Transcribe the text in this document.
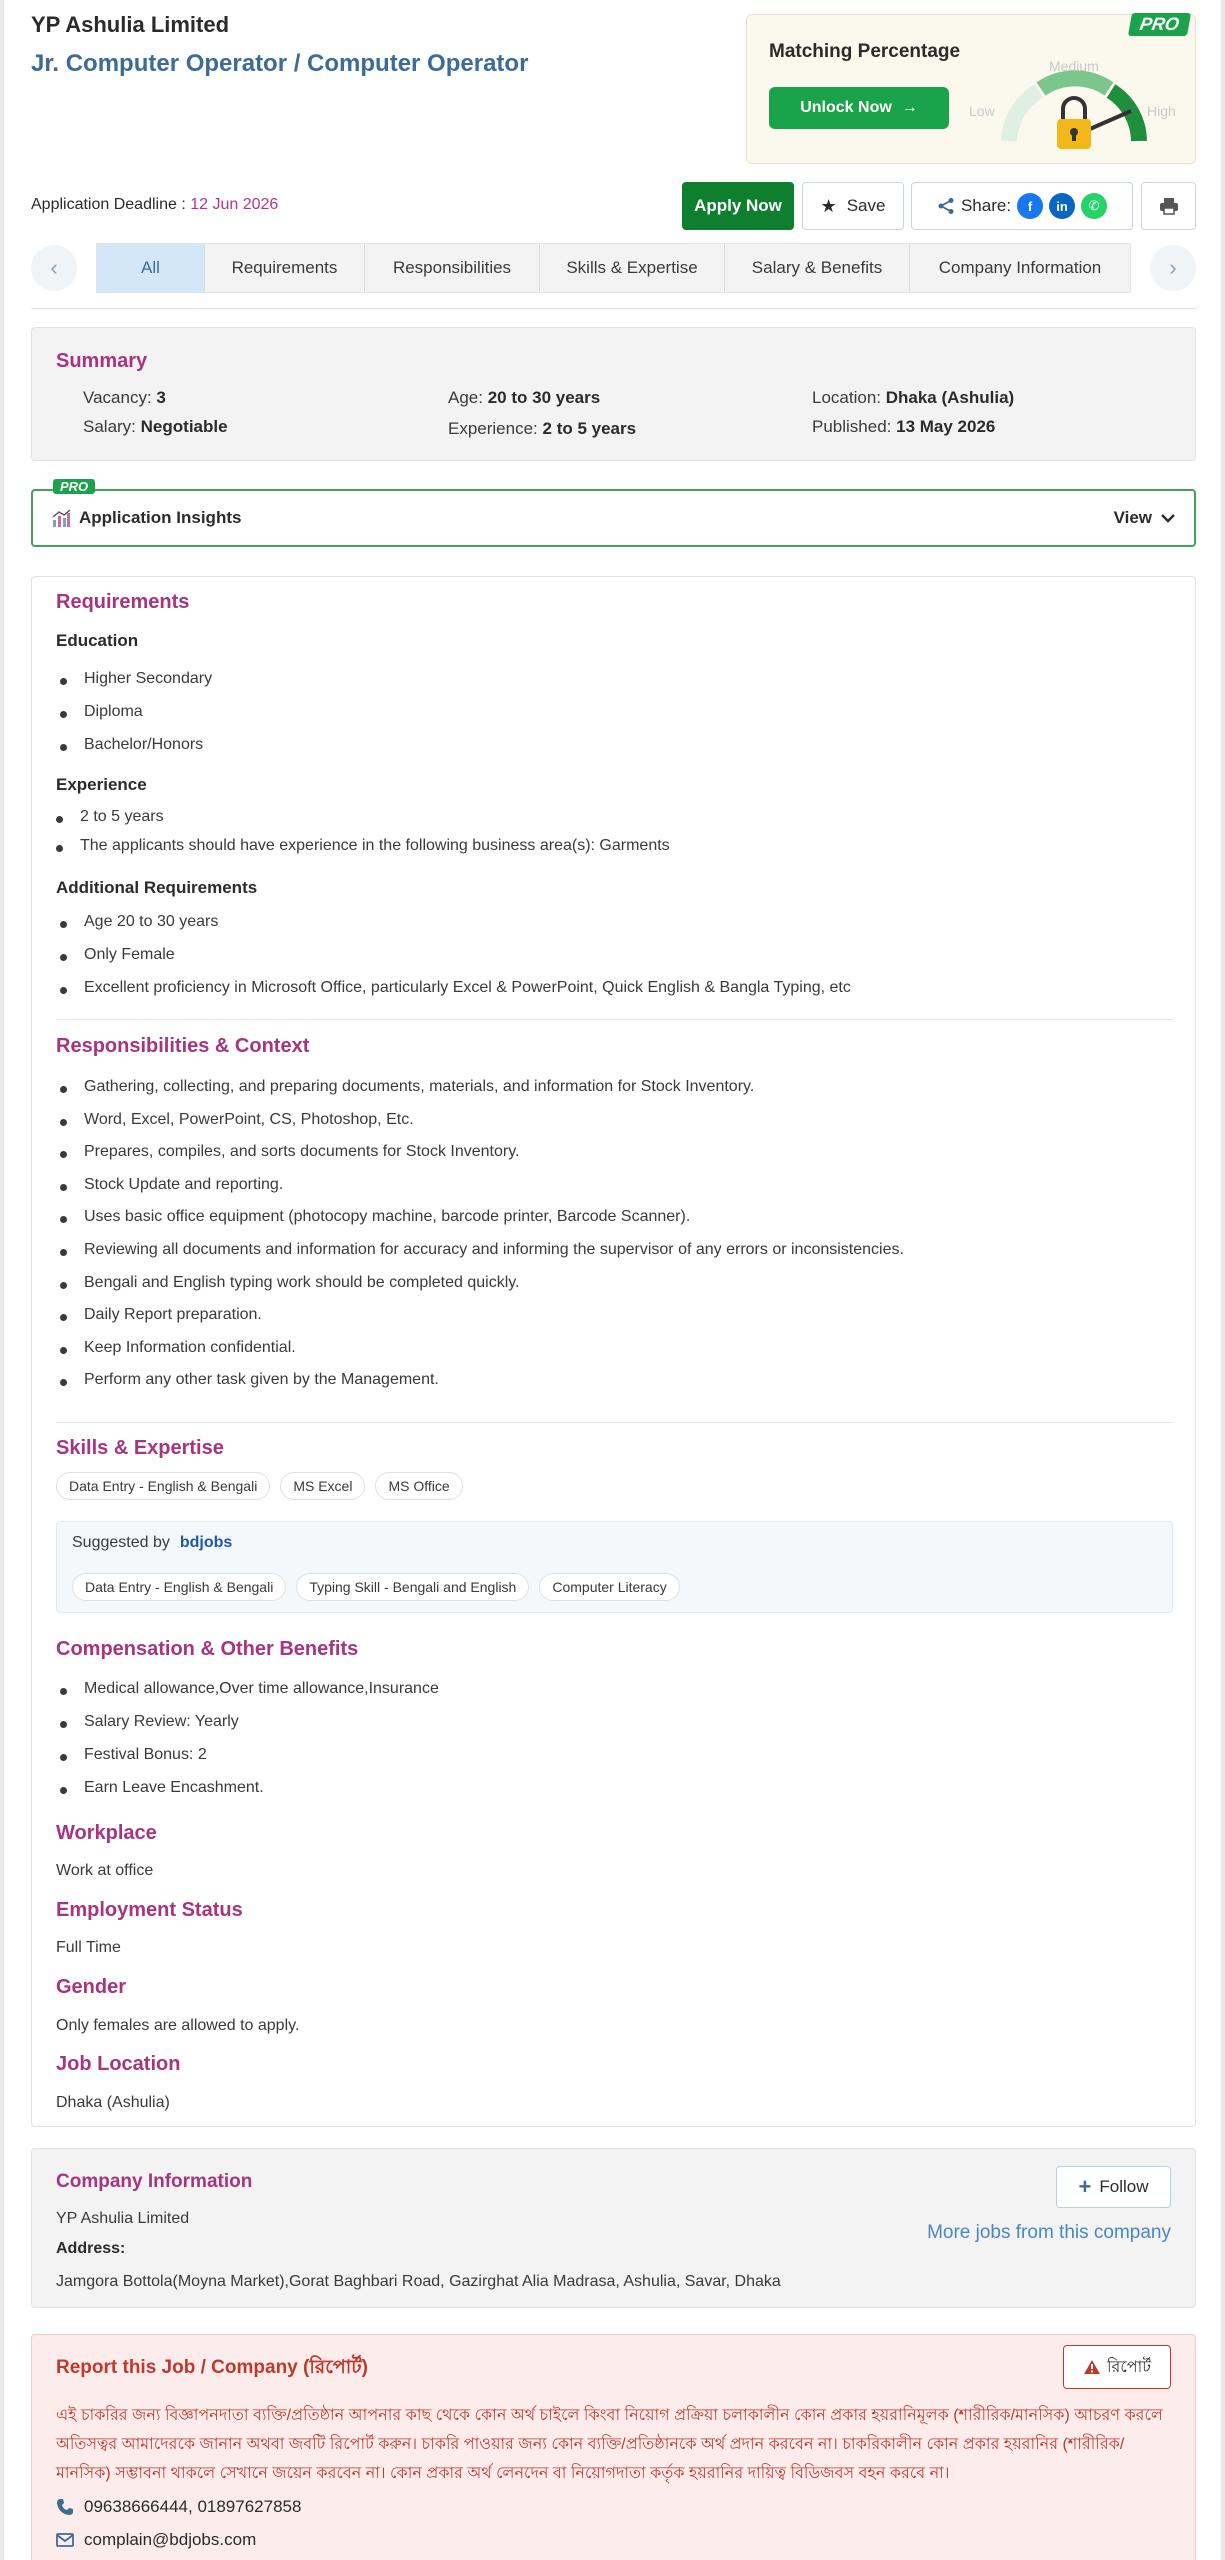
YP Ashulia Limited
Jr. Computer Operator / Computer Operator
PRO
Matching Percentage
Unlock Now →
Medium
Low	High
Application Deadline : 12 Jun 2026	Apply Now	★ Save	Share:	f	in	✆
‹	All	Requirements	Responsibilities	Skills & Expertise	Salary & Benefits	Company Information	›
Summary
Vacancy: 3	Age: 20 to 30 years	Location: Dhaka (Ashulia)
Salary: Negotiable	Experience: 2 to 5 years	Published: 13 May 2026
PRO
Application Insights	View
Requirements
Education
Higher Secondary
Diploma
Bachelor/Honors
Experience
2 to 5 years
The applicants should have experience in the following business area(s): Garments
Additional Requirements
Age 20 to 30 years
Only Female
Excellent proficiency in Microsoft Office, particularly Excel & PowerPoint, Quick English & Bangla Typing, etc
Responsibilities & Context
Gathering, collecting, and preparing documents, materials, and information for Stock Inventory.
Word, Excel, PowerPoint, CS, Photoshop, Etc.
Prepares, compiles, and sorts documents for Stock Inventory.
Stock Update and reporting.
Uses basic office equipment (photocopy machine, barcode printer, Barcode Scanner).
Reviewing all documents and information for accuracy and informing the supervisor of any errors or inconsistencies.
Bengali and English typing work should be completed quickly.
Daily Report preparation.
Keep Information confidential.
Perform any other task given by the Management.
Skills & Expertise
Data Entry - English & Bengali	MS Excel	MS Office
Suggested by bdjobs
Data Entry - English & Bengali	Typing Skill - Bengali and English	Computer Literacy
Compensation & Other Benefits
Medical allowance,Over time allowance,Insurance
Salary Review: Yearly
Festival Bonus: 2
Earn Leave Encashment.
Workplace
Work at office
Employment Status
Full Time
Gender
Only females are allowed to apply.
Job Location
Dhaka (Ashulia)
Company Information
YP Ashulia Limited
Address:
Jamgora Bottola(Moyna Market),Gorat Baghbari Road, Gazirghat Alia Madrasa, Ashulia, Savar, Dhaka
+ Follow
More jobs from this company
Report this Job / Company (রিপোর্ট)	রিপোর্ট
এই চাকরির জন্য বিজ্ঞাপনদাতা ব্যক্তি/প্রতিষ্ঠান আপনার কাছ থেকে কোন অর্থ চাইলে কিংবা নিয়োগ প্রক্রিয়া চলাকালীন কোন প্রকার হয়রানিমূলক (শারীরিক/মানসিক) আচরণ করলে অতিসত্বর আমাদেরকে জানান অথবা জবটি রিপোর্ট করুন। চাকরি পাওয়ার জন্য কোন ব্যক্তি/প্রতিষ্ঠানকে অর্থ প্রদান করবেন না। চাকরিকালীন কোন প্রকার হয়রানির (শারীরিক/মানসিক) সম্ভাবনা থাকলে সেখানে জয়েন করবেন না। কোন প্রকার অর্থ লেনদেন বা নিয়োগদাতা কর্তৃক হয়রানির দায়িত্ব বিডিজবস বহন করবে না।
09638666444, 01897627858
complain@bdjobs.com
